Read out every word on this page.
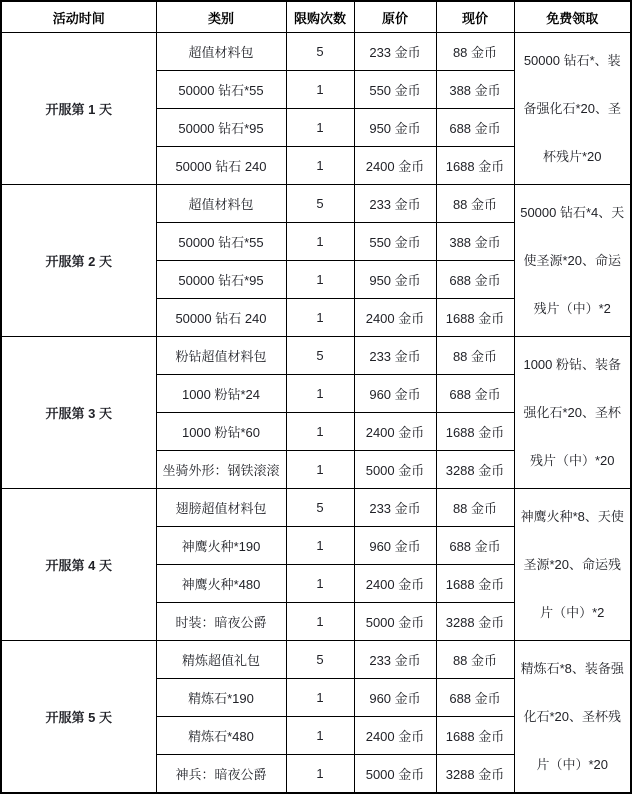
活动时间	类别	限购次数	原价	现价	免费领取
开服第 1 天	超值材料包	5	233 金币	88 金币	50000 钻石*、装备强化石*20、圣杯残片*20
	50000 钻石*55	1	550 金币	388 金币	
	50000 钻石*95	1	950 金币	688 金币	
	50000 钻石 240	1	2400 金币	1688 金币	
开服第 2 天	超值材料包	5	233 金币	88 金币	50000 钻石*4、天使圣源*20、命运残片（中）*2
	50000 钻石*55	1	550 金币	388 金币	
	50000 钻石*95	1	950 金币	688 金币	
	50000 钻石 240	1	2400 金币	1688 金币	
开服第 3 天	粉钻超值材料包	5	233 金币	88 金币	1000 粉钻、装备强化石*20、圣杯残片（中）*20
	1000 粉钻*24	1	960 金币	688 金币	
	1000 粉钻*60	1	2400 金币	1688 金币	
	坐骑外形：钢铁滚滚	1	5000 金币	3288 金币	
开服第 4 天	翅膀超值材料包	5	233 金币	88 金币	神鹰火种*8、天使圣源*20、命运残片（中）*2
	神鹰火种*190	1	960 金币	688 金币	
	神鹰火种*480	1	2400 金币	1688 金币	
	时装：暗夜公爵	1	5000 金币	3288 金币	
开服第 5 天	精炼超值礼包	5	233 金币	88 金币	精炼石*8、装备强化石*20、圣杯残片（中）*20
	精炼石*190	1	960 金币	688 金币	
	精炼石*480	1	2400 金币	1688 金币	
	神兵：暗夜公爵	1	5000 金币	3288 金币	
